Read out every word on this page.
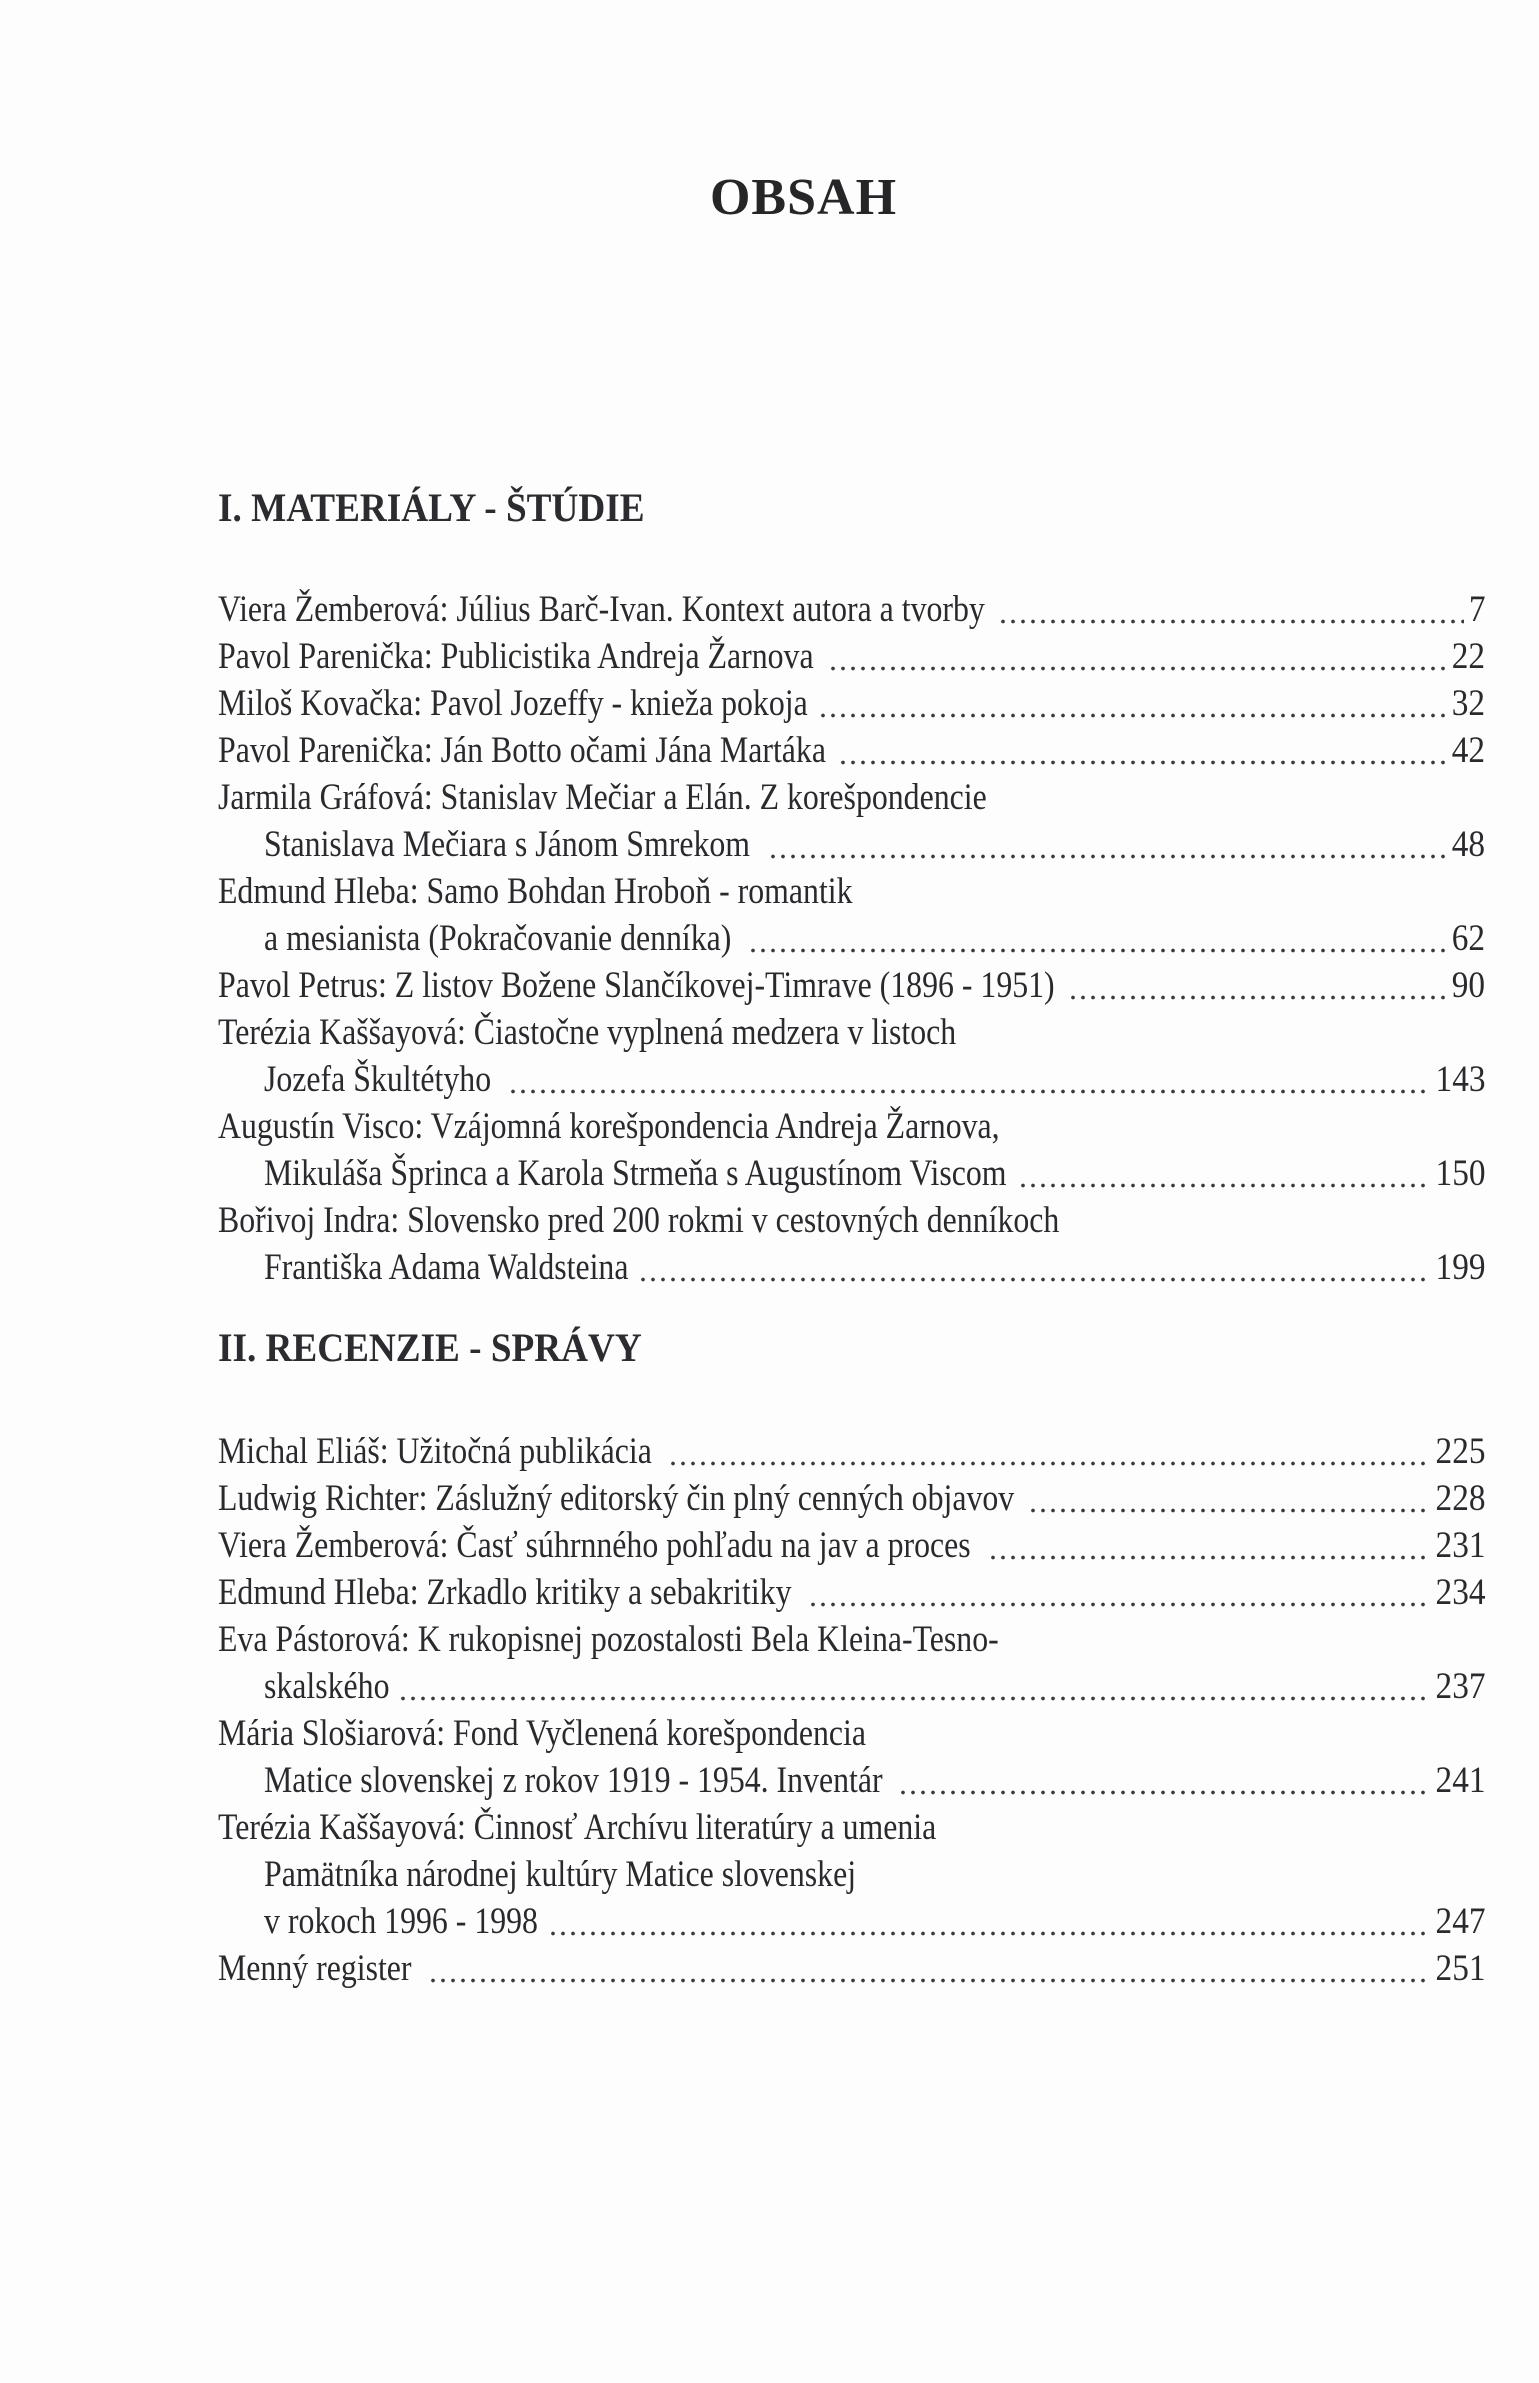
OBSAH
I. MATERIÁLY - ŠTÚDIE
Viera Žemberová: Július Barč-Ivan. Kontext autora a tvorby	7
Pavol Parenička: Publicistika Andreja Žarnova	22
Miloš Kovačka: Pavol Jozeffy - knieža pokoja	32
Pavol Parenička: Ján Botto očami Jána Martáka	42
Jarmila Gráfová: Stanislav Mečiar a Elán. Z korešpondencie
Stanislava Mečiara s Jánom Smrekom	48
Edmund Hleba: Samo Bohdan Hroboň - romantik
a mesianista (Pokračovanie denníka)	62
Pavol Petrus: Z listov Božene Slančíkovej-Timrave (1896 - 1951)	90
Terézia Kaššayová: Čiastočne vyplnená medzera v listoch
Jozefa Škultétyho	143
Augustín Visco: Vzájomná korešpondencia Andreja Žarnova,
Mikuláša Šprinca a Karola Strmeňa s Augustínom Viscom	150
Bořivoj Indra: Slovensko pred 200 rokmi v cestovných denníkoch
Františka Adama Waldsteina	199
II. RECENZIE - SPRÁVY
Michal Eliáš: Užitočná publikácia	225
Ludwig Richter: Záslužný editorský čin plný cenných objavov	228
Viera Žemberová: Časť súhrnného pohľadu na jav a proces	231
Edmund Hleba: Zrkadlo kritiky a sebakritiky	234
Eva Pástorová: K rukopisnej pozostalosti Bela Kleina-Tesno-
skalského	237
Mária Slošiarová: Fond Vyčlenená korešpondencia
Matice slovenskej z rokov 1919 - 1954. Inventár	241
Terézia Kaššayová: Činnosť Archívu literatúry a umenia
Pamätníka národnej kultúry Matice slovenskej
v rokoch 1996 - 1998	247
Menný register	251
